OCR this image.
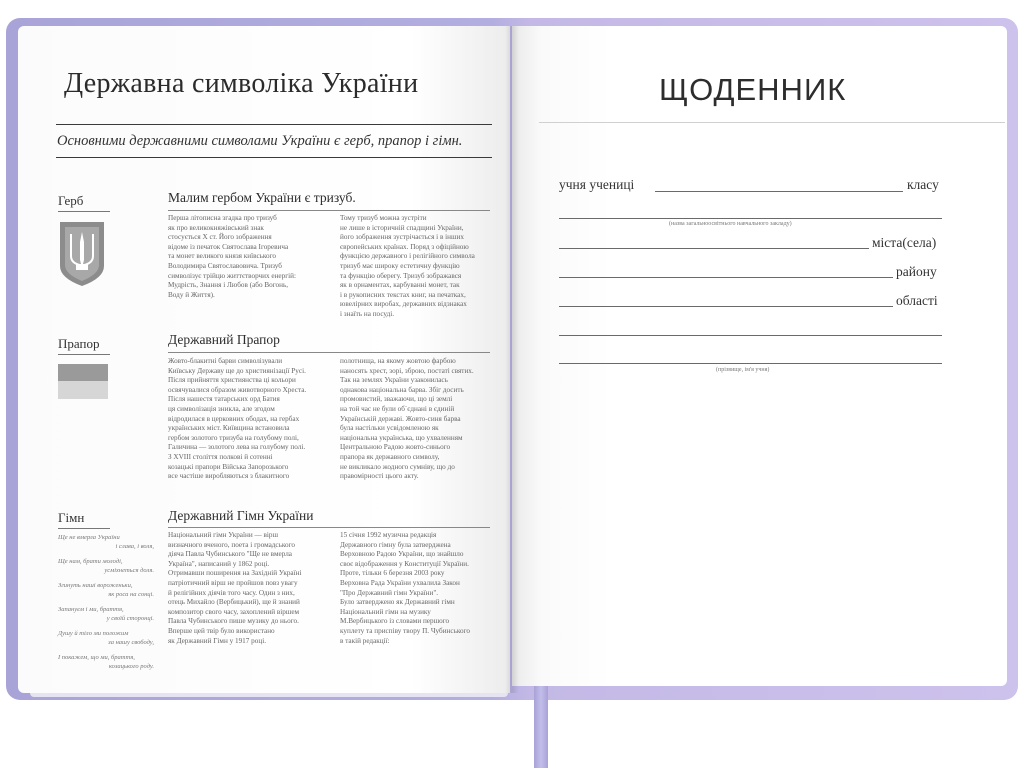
Державна символіка України
Основними державними символами України є герб, прапор і гімн.
Герб	Малим гербом України є тризуб.
Перша літописна згадка про тризуб
як про великокняжівський знак
стосується X ст. Його зображення
відоме із печаток Святослава Ігоревича
та монет великого князя київського
Володимира Святославовича. Тризуб
символізує трійцю життєтворчих енергій:
Мудрість, Знання і Любов (або Вогонь,
Воду й Життя).
Тому тризуб можна зустріти
не лише в історичній спадщині України,
його зображення зустрічається і в інших
європейських країнах. Поряд з офіційною
функцією державного і релігійного символа
тризуб має широку естетичну функцію
та функцію оберегу. Тризуб зображався
як в орнаментах, карбуванні монет, так
і в рукописних текстах книг, на печатках,
ювелірних виробах, державних відзнаках
і знаїть на посуді.
Прапор	Державний Прапор
Жовто-блакитні барви символізували
Київську Державу ще до християнізації Русі.
Після прийняття християнства ці кольори
освячувалися образом животворного Хреста.
Після нашестя татарських орд Батия
ця символізація зникла, але згодом
відродилася в церковних ободах, на гербах
українських міст. Київщина встановила
гербом золотого тризуба на голубому полі,
Галичина — золотого лева на голубому полі.
З XVIII століття полкові й сотенні
козацькі прапори Війська Запорозького
все частіше виробляються з блакитного
полотнища, на якому жовтою фарбою
наносять хрест, зорі, зброю, постаті святих.
Так на землях України узаконилась
однакова національна барва. Збіг досить
промовистий, зважаючи, що ці землі
на той час не були об`єднані в єдиній
Українській державі. Жовто-синя барва
була настільки усвідомленою як
національна українська, що ухваленням
Центральною Радою жовто-синього
прапора як державного символу,
не викликало жодного сумніву, що до
правомірності цього акту.
Гімн
Ще не вмерла України
і слава, і воля,
Ще нам, брати молоді,
усміхнеться доля.
Згинуть наші вороженьки,
як роса на сонці.
Запануєм і ми, браття,
у своїй сторонці.
Душу й тіло ми положим
за нашу свободу,
І покажем, що ми, браття,
козацького роду.
Державний Гімн України
Національний гімн України — вірш
визначного вченого, поета і громадського
діяча Павла Чубинського "Ще не вмерла
Україна", написаний у 1862 році.
Отримавши поширення на Західній Україні
патріотичний вірш не пройшов повз увагу
й релігійних діячів того часу. Один з них,
отець Михайло (Вербицький), ще й знаний
композитор свого часу, захоплений віршем
Павла Чубинського пише музику до нього.
Вперше цей твір було використано
як Державний Гімн у 1917 році.
15 січня 1992 музична редакція
Державного гімну була затверджена
Верховною Радою України, що знайшло
своє відображення у Конституції України.
Проте, тільки 6 березня 2003 року
Верховна Рада України ухвалила Закон
"Про Державний гімн України".
Було затверджено як Державний гімн
Національний гімн на музику
М.Вербицького із словами першого
куплету та приспіву твору П. Чубинського
в такій редакції:
ЩОДЕННИК
учня учениці	класу
(назва загальноосвітнього навчального закладу)
міста(села)
району
області
(прізвище, ім'я учня)
